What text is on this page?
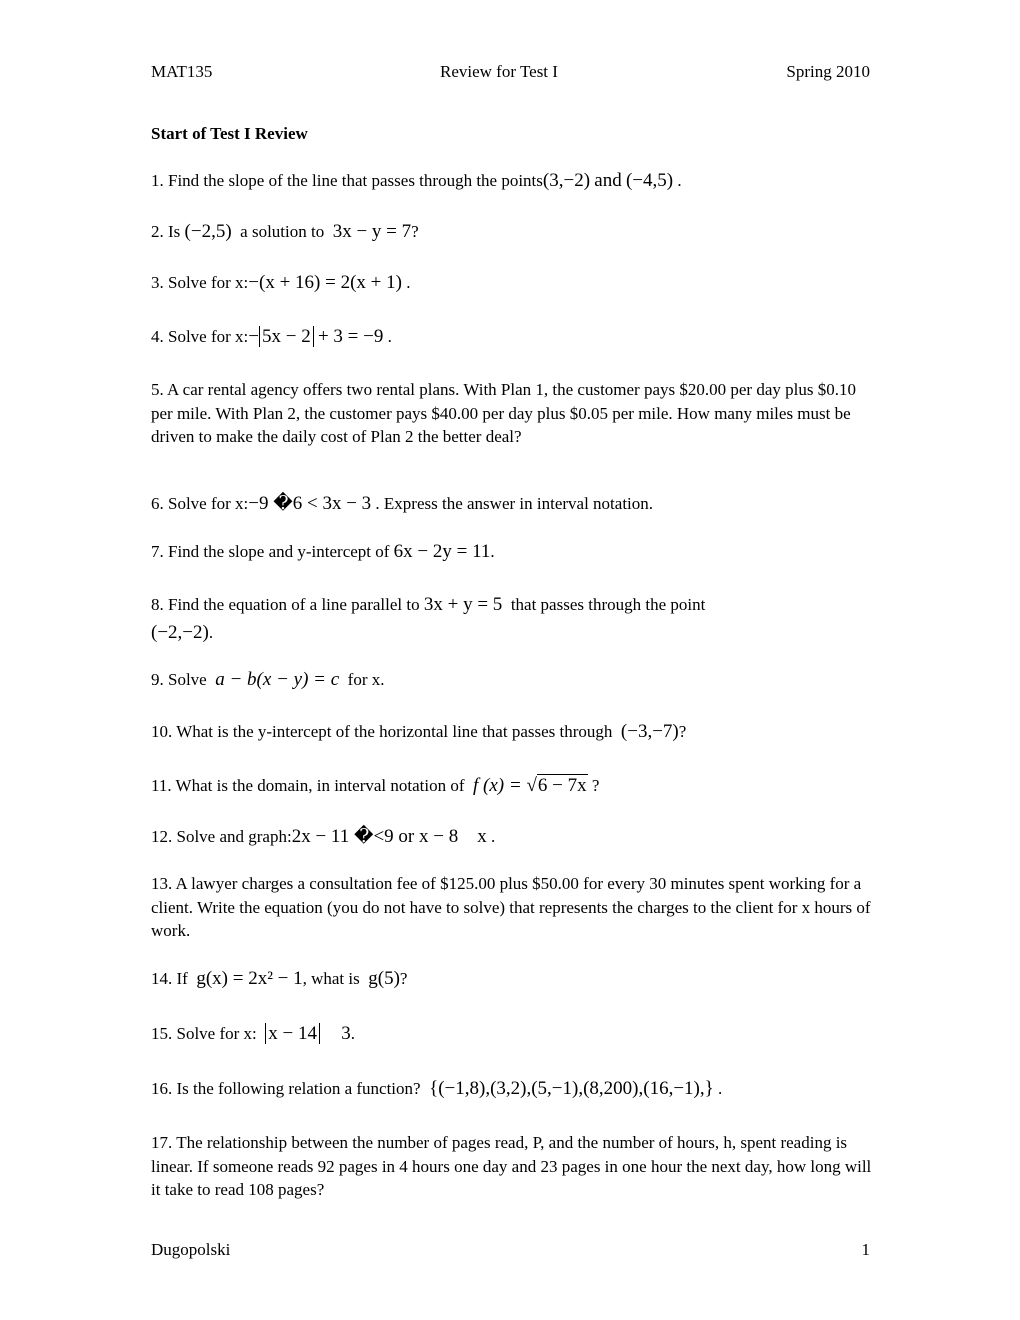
MAT135	Review for Test I	Spring 2010
Start of Test I Review
1. Find the slope of the line that passes through the points(3,−2) and (−4,5) .
2. Is (−2,5) a solution to 3x − y = 7?
3. Solve for x:−(x + 16) = 2(x + 1) .
4. Solve for x:− 5x − 2 + 3 = −9 .
5. A car rental agency offers two rental plans. With Plan 1, the customer pays $20.00 per day plus $0.10 per mile. With Plan 2, the customer pays $40.00 per day plus $0.05 per mile. How many miles must be driven to make the daily cost of Plan 2 the better deal?
6. Solve for x:−9 �6 < 3x − 3 . Express the answer in interval notation.
7. Find the slope and y-intercept of 6x − 2y = 11.
8. Find the equation of a line parallel to 3x + y = 5 that passes through the point
(−2,−2).
9. Solve a − b(x − y) = c for x.
10. What is the y-intercept of the horizontal line that passes through (−3,−7)?
11. What is the domain, in interval notation of f (x) = √6 − 7x ?
12. Solve and graph:2x − 11 �<9 or x − 8    x .
13. A lawyer charges a consultation fee of $125.00 plus $50.00 for every 30 minutes spent working for a client. Write the equation (you do not have to solve) that represents the charges to the client for x hours of work.
14. If g(x) = 2x² − 1, what is g(5)?
15. Solve for x: x − 14 3.
16. Is the following relation a function? {(−1,8),(3,2),(5,−1),(8,200),(16,−1),} .
17. The relationship between the number of pages read, P, and the number of hours, h, spent reading is linear. If someone reads 92 pages in 4 hours one day and 23 pages in one hour the next day, how long will it take to read 108 pages?
Dugopolski	1
